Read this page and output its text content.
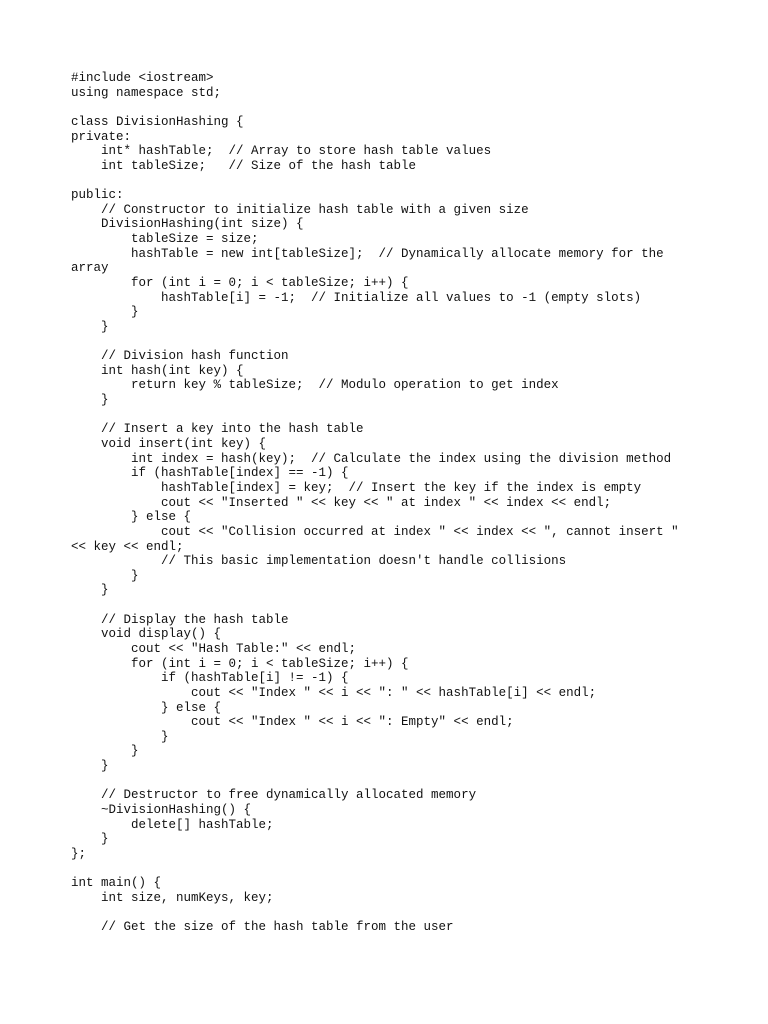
#include <iostream>
using namespace std;
class DivisionHashing {
private:
int* hashTable;  // Array to store hash table values
int tableSize;   // Size of the hash table
public:
// Constructor to initialize hash table with a given size
DivisionHashing(int size) {
tableSize = size;
hashTable = new int[tableSize];  // Dynamically allocate memory for the
array
for (int i = 0; i < tableSize; i++) {
hashTable[i] = -1;  // Initialize all values to -1 (empty slots)
}
}
// Division hash function
int hash(int key) {
return key % tableSize;  // Modulo operation to get index
}
// Insert a key into the hash table
void insert(int key) {
int index = hash(key);  // Calculate the index using the division method
if (hashTable[index] == -1) {
hashTable[index] = key;  // Insert the key if the index is empty
cout << "Inserted " << key << " at index " << index << endl;
} else {
cout << "Collision occurred at index " << index << ", cannot insert "
<< key << endl;
// This basic implementation doesn't handle collisions
}
}
// Display the hash table
void display() {
cout << "Hash Table:" << endl;
for (int i = 0; i < tableSize; i++) {
if (hashTable[i] != -1) {
cout << "Index " << i << ": " << hashTable[i] << endl;
} else {
cout << "Index " << i << ": Empty" << endl;
}
}
}
// Destructor to free dynamically allocated memory
~DivisionHashing() {
delete[] hashTable;
}
};
int main() {
int size, numKeys, key;
// Get the size of the hash table from the user
